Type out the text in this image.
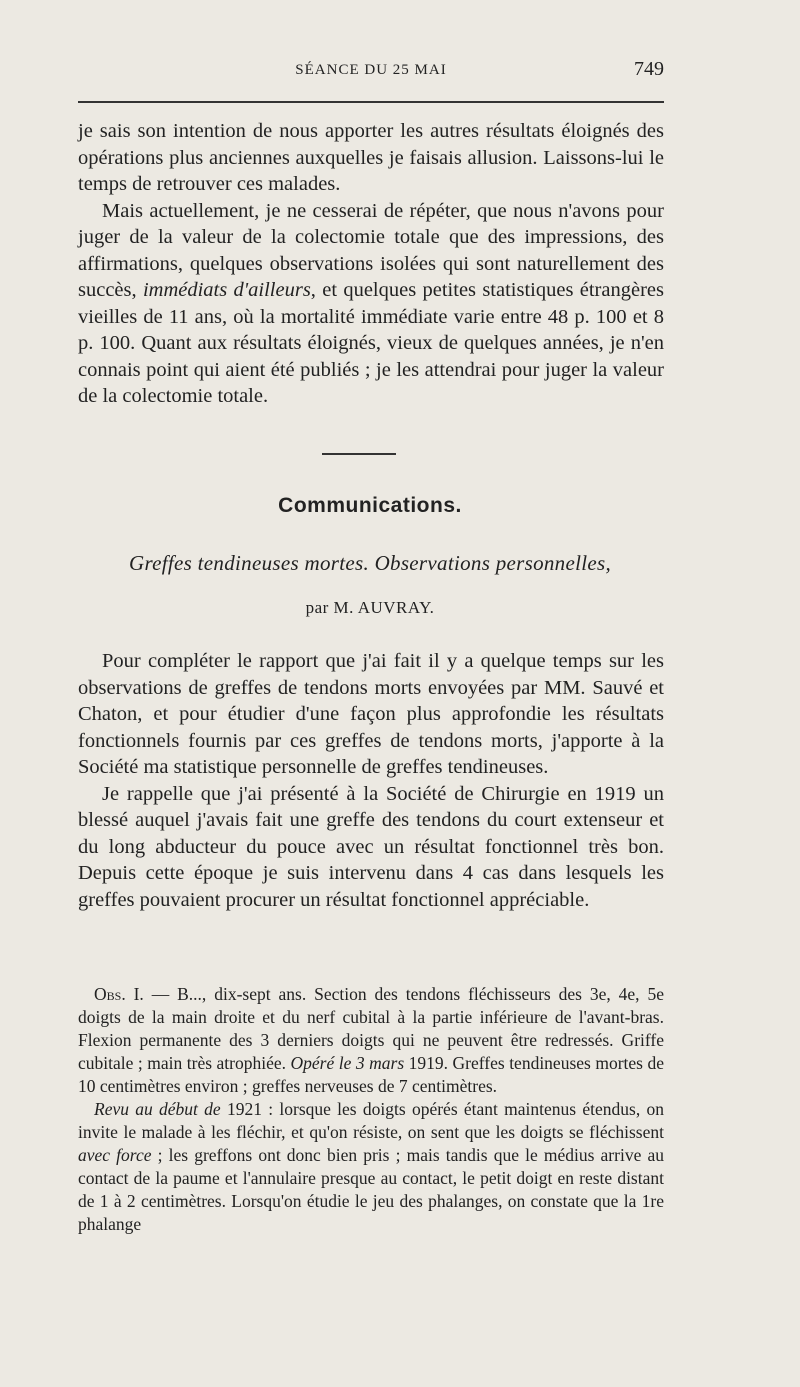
SÉANCE DU 25 MAI	749

je sais son intention de nous apporter les autres résultats éloignés des opérations plus anciennes auxquelles je faisais allusion. Laissons-lui le temps de retrouver ces malades.

Mais actuellement, je ne cesserai de répéter, que nous n'avons pour juger de la valeur de la colectomie totale que des impressions, des affirmations, quelques observations isolées qui sont naturellement des succès, immédiats d'ailleurs, et quelques petites statistiques étrangères vieilles de 11 ans, où la mortalité immédiate varie entre 48 p. 100 et 8 p. 100. Quant aux résultats éloignés, vieux de quelques années, je n'en connais point qui aient été publiés ; je les attendrai pour juger la valeur de la colectomie totale.

Communications.
Greffes tendineuses mortes. Observations personnelles,
par M. AUVRAY.

Pour compléter le rapport que j'ai fait il y a quelque temps sur les observations de greffes de tendons morts envoyées par MM. Sauvé et Chaton, et pour étudier d'une façon plus approfondie les résultats fonctionnels fournis par ces greffes de tendons morts, j'apporte à la Société ma statistique personnelle de greffes tendineuses.

Je rappelle que j'ai présenté à la Société de Chirurgie en 1919 un blessé auquel j'avais fait une greffe des tendons du court extenseur et du long abducteur du pouce avec un résultat fonctionnel très bon. Depuis cette époque je suis intervenu dans 4 cas dans lesquels les greffes pouvaient procurer un résultat fonctionnel appréciable.

Obs. I. — B..., dix-sept ans. Section des tendons fléchisseurs des 3e, 4e, 5e doigts de la main droite et du nerf cubital à la partie inférieure de l'avant-bras. Flexion permanente des 3 derniers doigts qui ne peuvent être redressés. Griffe cubitale ; main très atrophiée. Opéré le 3 mars 1919. Greffes tendineuses mortes de 10 centimètres environ ; greffes nerveuses de 7 centimètres.

Revu au début de 1921 : lorsque les doigts opérés étant maintenus étendus, on invite le malade à les fléchir, et qu'on résiste, on sent que les doigts se fléchissent avec force ; les greffons ont donc bien pris ; mais tandis que le médius arrive au contact de la paume et l'annulaire presque au contact, le petit doigt en reste distant de 1 à 2 centimètres. Lorsqu'on étudie le jeu des phalanges, on constate que la 1re phalange
